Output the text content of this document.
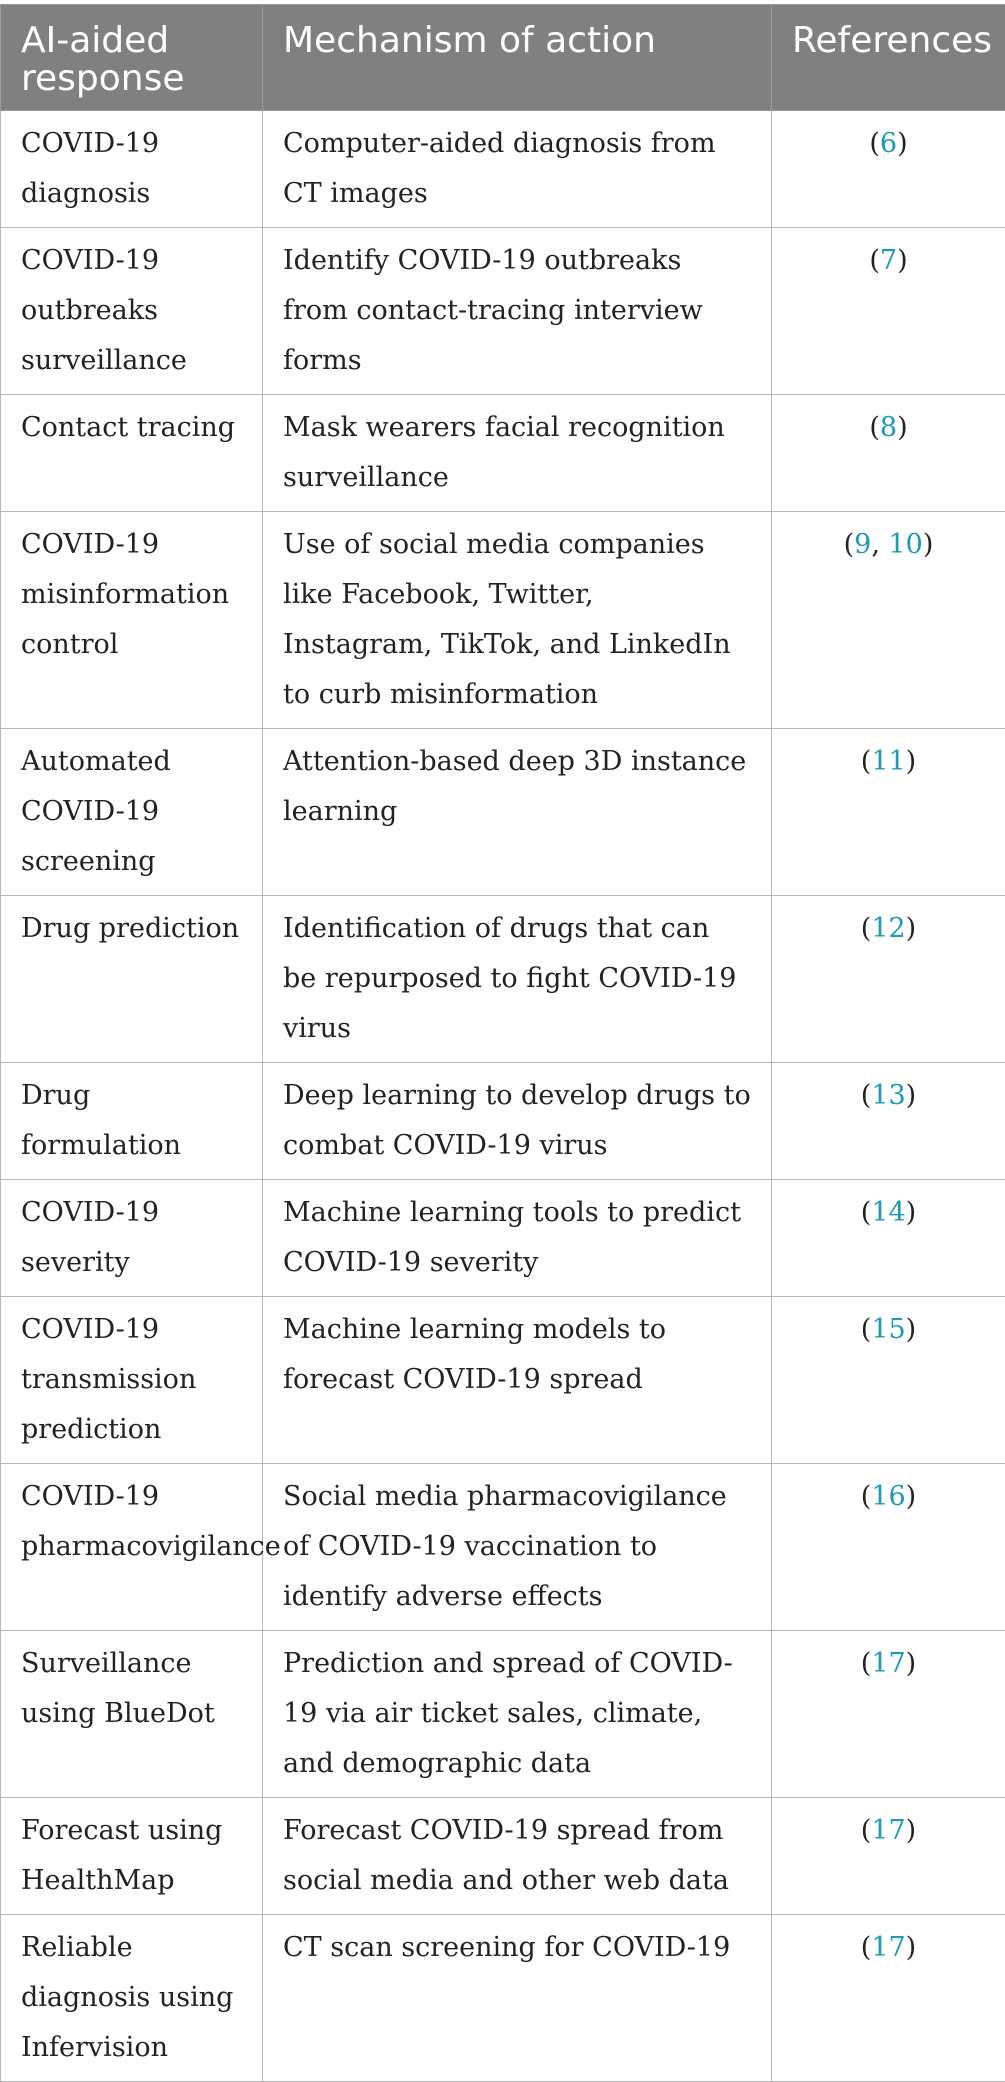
AI-aided response	Mechanism of action	References
COVID-19 diagnosis	Computer-aided diagnosis from CT images	(6)
COVID-19 outbreaks surveillance	Identify COVID-19 outbreaks from contact-tracing interview forms	(7)
Contact tracing	Mask wearers facial recognition surveillance	(8)
COVID-19 misinformation control	Use of social media companies like Facebook, Twitter, Instagram, TikTok, and LinkedIn to curb misinformation	(9, 10)
Automated COVID-19 screening	Attention-based deep 3D instance learning	(11)
Drug prediction	Identification of drugs that can be repurposed to fight COVID-19 virus	(12)
Drug formulation	Deep learning to develop drugs to combat COVID-19 virus	(13)
COVID-19 severity	Machine learning tools to predict COVID-19 severity	(14)
COVID-19 transmission prediction	Machine learning models to forecast COVID-19 spread	(15)
COVID-19 pharmacovigilance	Social media pharmacovigilance of COVID-19 vaccination to identify adverse effects	(16)
Surveillance using BlueDot	Prediction and spread of COVID-19 via air ticket sales, climate, and demographic data	(17)
Forecast using HealthMap	Forecast COVID-19 spread from social media and other web data	(17)
Reliable diagnosis using Infervision	CT scan screening for COVID-19	(17)
